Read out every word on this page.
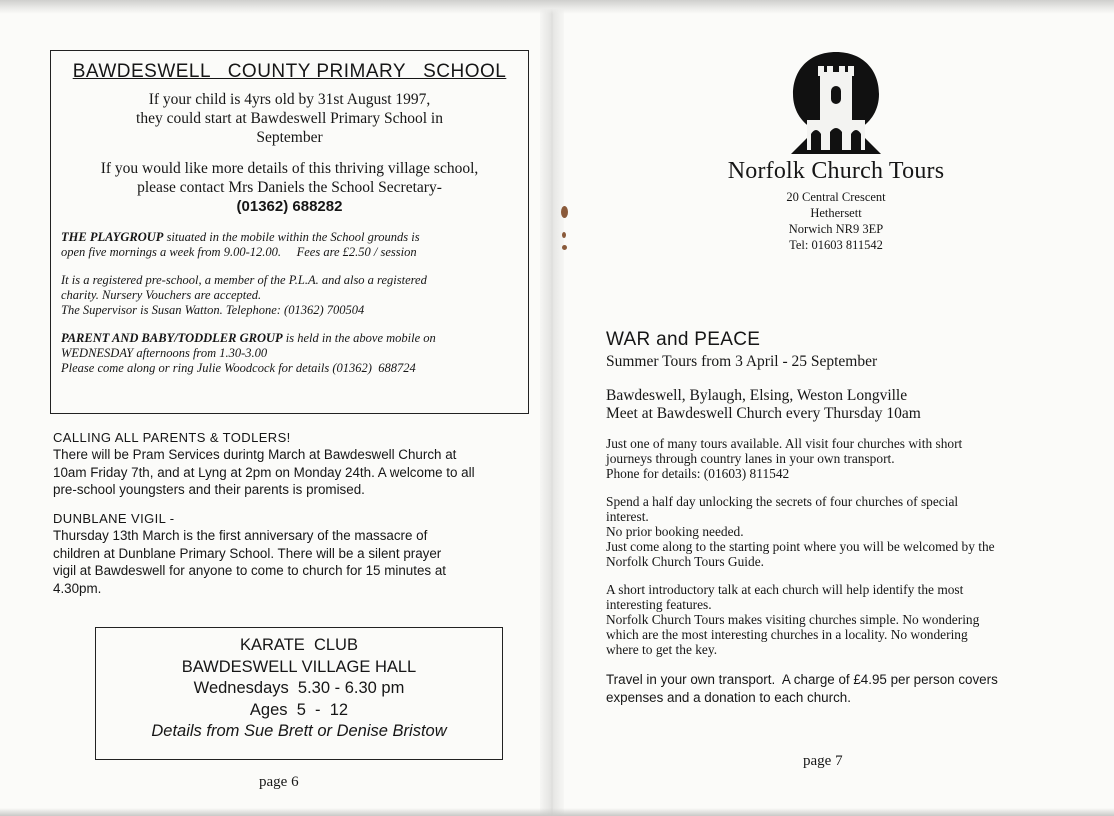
BAWDESWELL   COUNTY PRIMARY   SCHOOL
If your child is 4yrs old by 31st August 1997,
they could start at Bawdeswell Primary School in
September
If you would like more details of this thriving village school,
please contact Mrs Daniels the School Secretary-
(01362) 688282
THE PLAYGROUP situated in the mobile within the School grounds is
open five mornings a week from 9.00-12.00.     Fees are £2.50 / session
It is a registered pre-school, a member of the P.L.A. and also a registered
charity. Nursery Vouchers are accepted.
The Supervisor is Susan Watton. Telephone: (01362) 700504
PARENT AND BABY/TODDLER GROUP is held in the above mobile on
WEDNESDAY afternoons from 1.30-3.00
Please come along or ring Julie Woodcock for details (01362)  688724
CALLING ALL PARENTS & TODLERS!
There will be Pram Services durintg March at Bawdeswell Church at
10am Friday 7th, and at Lyng at 2pm on Monday 24th. A welcome to all
pre-school youngsters and their parents is promised.
DUNBLANE VIGIL -
Thursday 13th March is the first anniversary of the massacre of
children at Dunblane Primary School. There will be a silent prayer
vigil at Bawdeswell for anyone to come to church for 15 minutes at
4.30pm.
KARATE  CLUB
BAWDESWELL VILLAGE HALL
Wednesdays  5.30 - 6.30 pm
Ages  5  -  12
Details from Sue Brett or Denise Bristow
page 6
Norfolk Church Tours
20 Central Crescent
Hethersett
Norwich NR9 3EP
Tel: 01603 811542
WAR and PEACE
Summer Tours from 3 April - 25 September
Bawdeswell, Bylaugh, Elsing, Weston Longville
Meet at Bawdeswell Church every Thursday 10am
Just one of many tours available. All visit four churches with short
journeys through country lanes in your own transport.
Phone for details: (01603) 811542
Spend a half day unlocking the secrets of four churches of special
interest.
No prior booking needed.
Just come along to the starting point where you will be welcomed by the
Norfolk Church Tours Guide.
A short introductory talk at each church will help identify the most
interesting features.
Norfolk Church Tours makes visiting churches simple. No wondering
which are the most interesting churches in a locality. No wondering
where to get the key.
Travel in your own transport.  A charge of £4.95 per person covers
expenses and a donation to each church.
page 7
